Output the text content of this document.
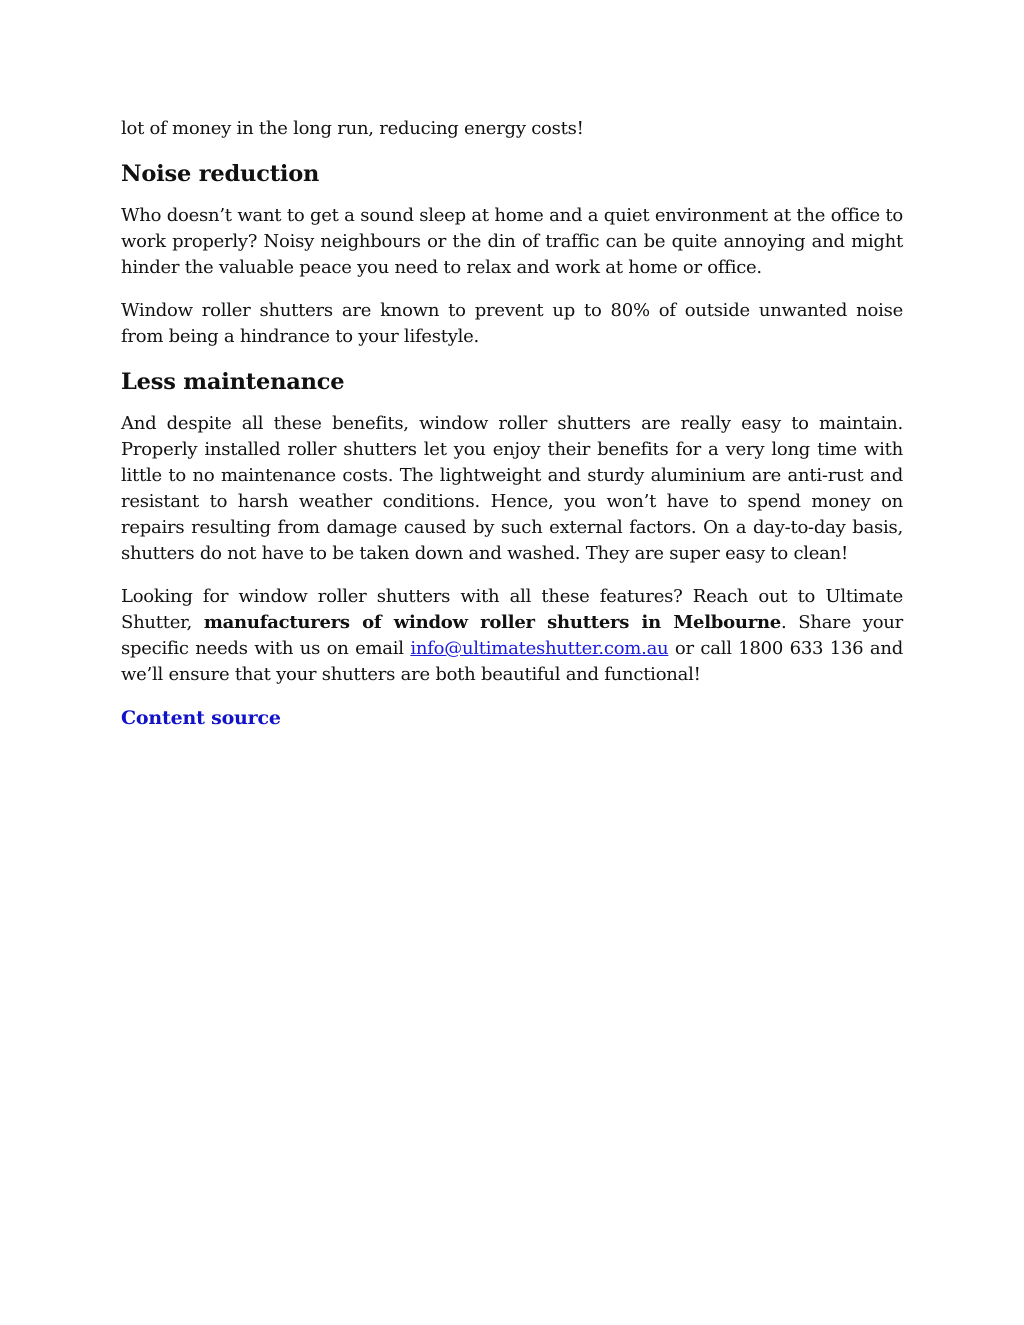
lot of money in the long run, reducing energy costs!

Noise reduction

Who doesn’t want to get a sound sleep at home and a quiet environment at the office to work properly? Noisy neighbours or the din of traffic can be quite annoying and might hinder the valuable peace you need to relax and work at home or office.

Window roller shutters are known to prevent up to 80% of outside unwanted noise from being a hindrance to your lifestyle.

Less maintenance

And despite all these benefits, window roller shutters are really easy to maintain. Properly installed roller shutters let you enjoy their benefits for a very long time with little to no maintenance costs. The lightweight and sturdy aluminium are anti-rust and resistant to harsh weather conditions. Hence, you won’t have to spend money on repairs resulting from damage caused by such external factors. On a day-to-day basis, shutters do not have to be taken down and washed. They are super easy to clean!

Looking for window roller shutters with all these features? Reach out to Ultimate Shutter, manufacturers of window roller shutters in Melbourne. Share your specific needs with us on email info@ultimateshutter.com.au or call 1800 633 136 and we’ll ensure that your shutters are both beautiful and functional!

Content source
